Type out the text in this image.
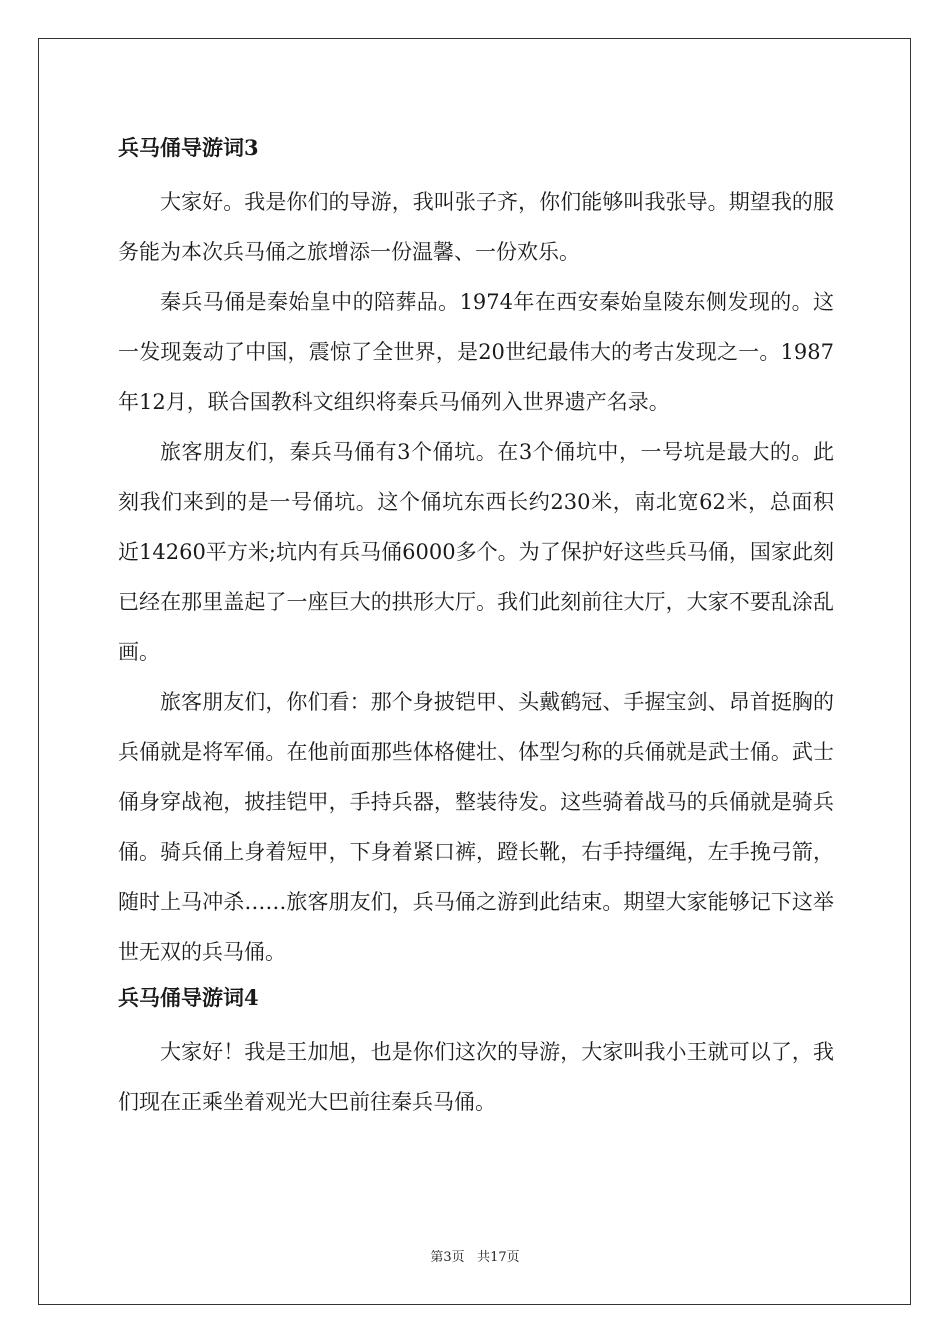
兵马俑导游词3

大家好。我是你们的导游，我叫张子齐，你们能够叫我张导。期望我的服务能为本次兵马俑之旅增添一份温馨、一份欢乐。

秦兵马俑是秦始皇中的陪葬品。1974年在西安秦始皇陵东侧发现的。这一发现轰动了中国，震惊了全世界，是20世纪最伟大的考古发现之一。1987年12月，联合国教科文组织将秦兵马俑列入世界遗产名录。

旅客朋友们，秦兵马俑有3个俑坑。在3个俑坑中，一号坑是最大的。此刻我们来到的是一号俑坑。这个俑坑东西长约230米，南北宽62米，总面积近14260平方米;坑内有兵马俑6000多个。为了保护好这些兵马俑，国家此刻已经在那里盖起了一座巨大的拱形大厅。我们此刻前往大厅，大家不要乱涂乱画。

旅客朋友们，你们看：那个身披铠甲、头戴鹤冠、手握宝剑、昂首挺胸的兵俑就是将军俑。在他前面那些体格健壮、体型匀称的兵俑就是武士俑。武士俑身穿战袍，披挂铠甲，手持兵器，整装待发。这些骑着战马的兵俑就是骑兵俑。骑兵俑上身着短甲，下身着紧口裤，蹬长靴，右手持缰绳，左手挽弓箭，随时上马冲杀……旅客朋友们，兵马俑之游到此结束。期望大家能够记下这举世无双的兵马俑。

兵马俑导游词4

大家好！我是王加旭，也是你们这次的导游，大家叫我小王就可以了，我们现在正乘坐着观光大巴前往秦兵马俑。

第3页 共17页
